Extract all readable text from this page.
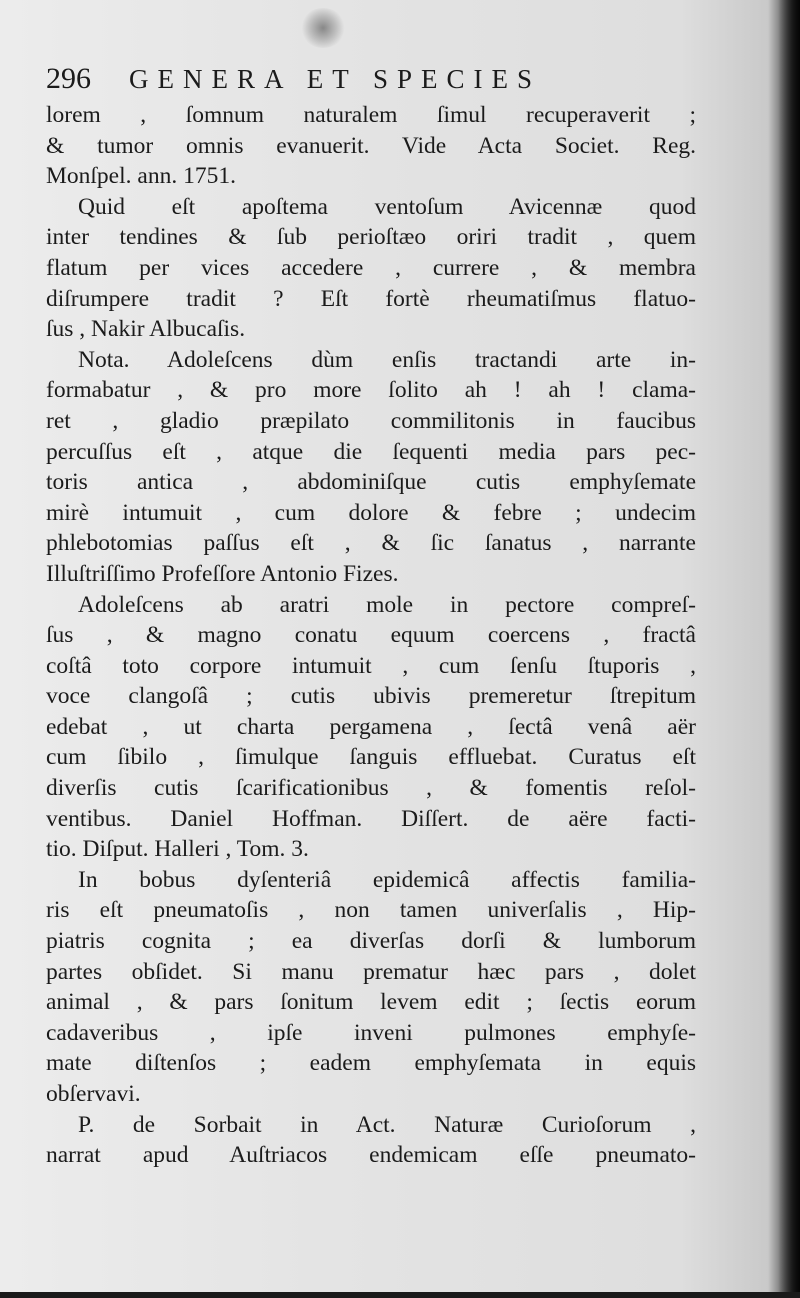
296 GENERA ET SPECIES
lorem , ſomnum naturalem ſimul recuperaverit ;
& tumor omnis evanuerit. Vide Acta Societ. Reg.
Monſpel. ann. 1751.
Quid eſt apoſtema ventoſum Avicennæ quod
inter tendines & ſub perioſtæo oriri tradit , quem
flatum per vices accedere , currere , & membra
diſrumpere tradit ? Eſt fortè rheumatiſmus flatuo-
ſus , Nakir Albucaſis.
Nota. Adoleſcens dùm enſis tractandi arte in-
formabatur , & pro more ſolito ah ! ah ! clama-
ret , gladio præpilato commilitonis in faucibus
percuſſus eſt , atque die ſequenti media pars pec-
toris antica , abdominiſque cutis emphyſemate
mirè intumuit , cum dolore & febre ; undecim
phlebotomias paſſus eſt , & ſic ſanatus , narrante
Illuſtriſſimo Profeſſore Antonio Fizes.
Adoleſcens ab aratri mole in pectore compreſ-
ſus , & magno conatu equum coercens , fractâ
coſtâ toto corpore intumuit , cum ſenſu ſtuporis ,
voce clangoſâ ; cutis ubivis premeretur ſtrepitum
edebat , ut charta pergamena , ſectâ venâ aër
cum ſibilo , ſimulque ſanguis effluebat. Curatus eſt
diverſis cutis ſcarificationibus , & fomentis reſol-
ventibus. Daniel Hoffman. Diſſert. de aëre facti-
tio. Diſput. Halleri , Tom. 3.
In bobus dyſenteriâ epidemicâ affectis familia-
ris eſt pneumatoſis , non tamen univerſalis , Hip-
piatris cognita ; ea diverſas dorſi & lumborum
partes obſidet. Si manu prematur hæc pars , dolet
animal , & pars ſonitum levem edit ; ſectis eorum
cadaveribus , ipſe inveni pulmones emphyſe-
mate diſtenſos ; eadem emphyſemata in equis
obſervavi.
P. de Sorbait in Act. Naturæ Curioſorum ,
narrat apud Auſtriacos endemicam eſſe pneumato-
